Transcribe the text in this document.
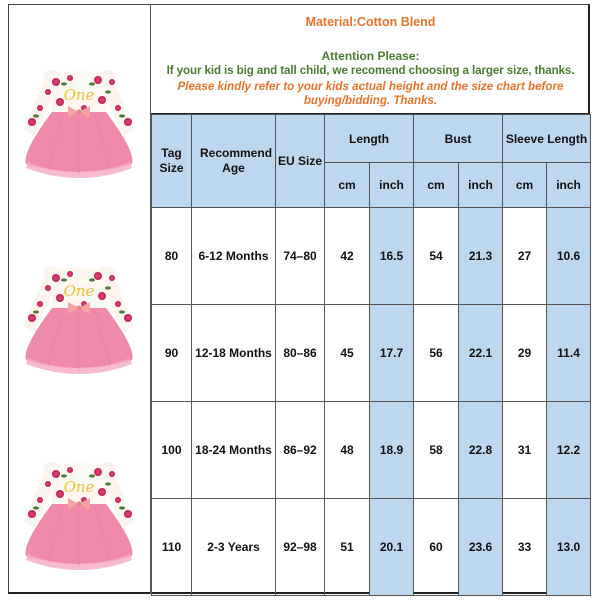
One
One
One
Material:Cotton Blend
Attention Please:
If your kid is big and tall child, we recomend choosing a larger size, thanks.
Please kindly refer to your kids actual height and the size chart before buying/bidding. Thanks.
Tag Size	Recommend Age	EU Size	Length		Bust		Sleeve Length	
			cm	inch	cm	inch	cm	inch
80	6-12 Months	74–80	42	16.5	54	21.3	27	10.6
90	12-18 Months	80–86	45	17.7	56	22.1	29	11.4
100	18-24 Months	86–92	48	18.9	58	22.8	31	12.2
110	2-3 Years	92–98	51	20.1	60	23.6	33	13.0
